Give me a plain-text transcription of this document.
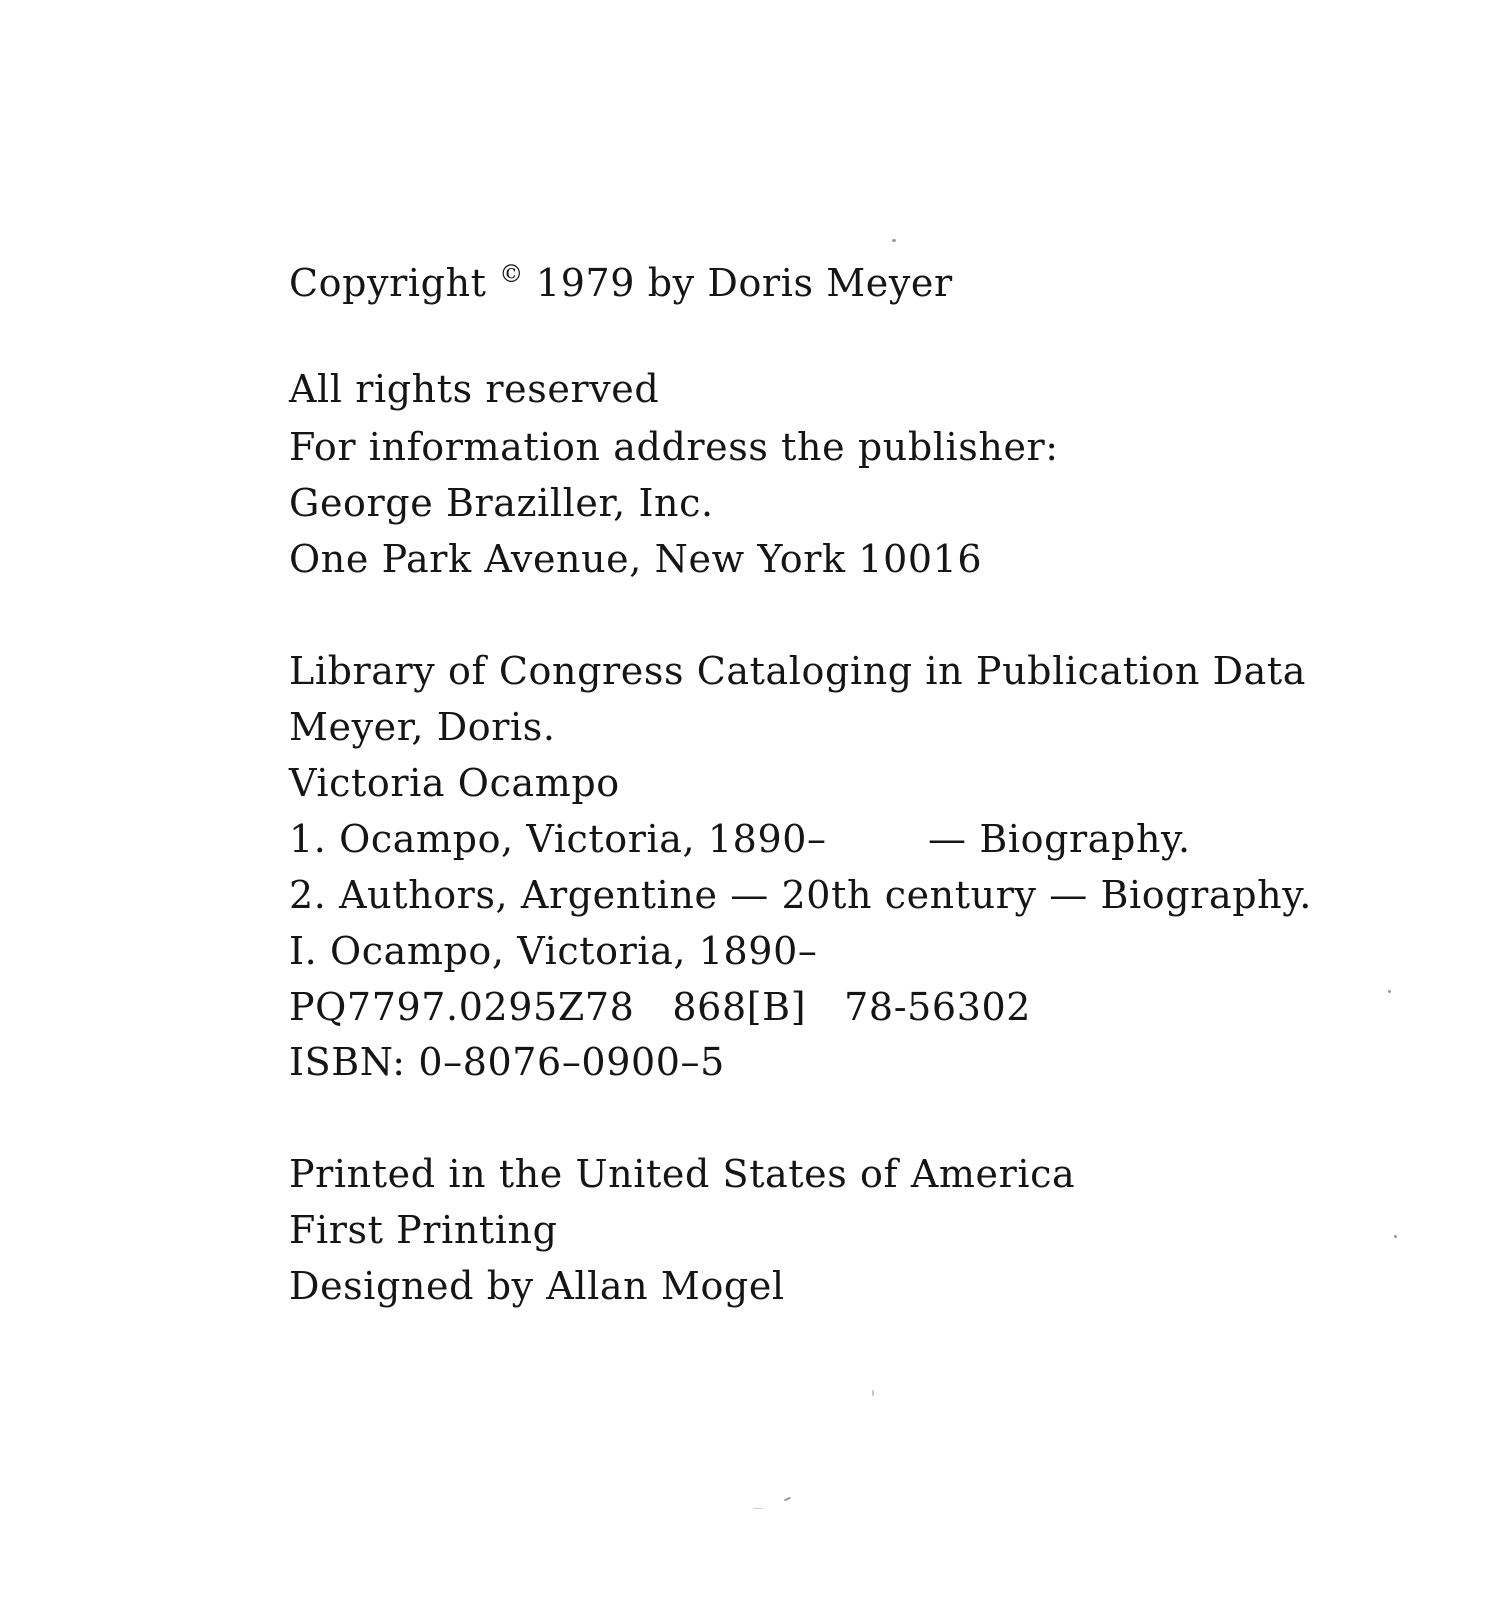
Copyright © 1979 by Doris Meyer

All rights reserved

For information address the publisher:

George Braziller, Inc.

One Park Avenue, New York 10016

Library of Congress Cataloging in Publication Data

Meyer, Doris.

Victoria Ocampo

1. Ocampo, Victoria, 1890–        — Biography.

2. Authors, Argentine — 20th century — Biography.

I. Ocampo, Victoria, 1890–

PQ7797.0295Z78   868[B]   78-56302

ISBN: 0–8076–0900–5

Printed in the United States of America

First Printing

Designed by Allan Mogel
